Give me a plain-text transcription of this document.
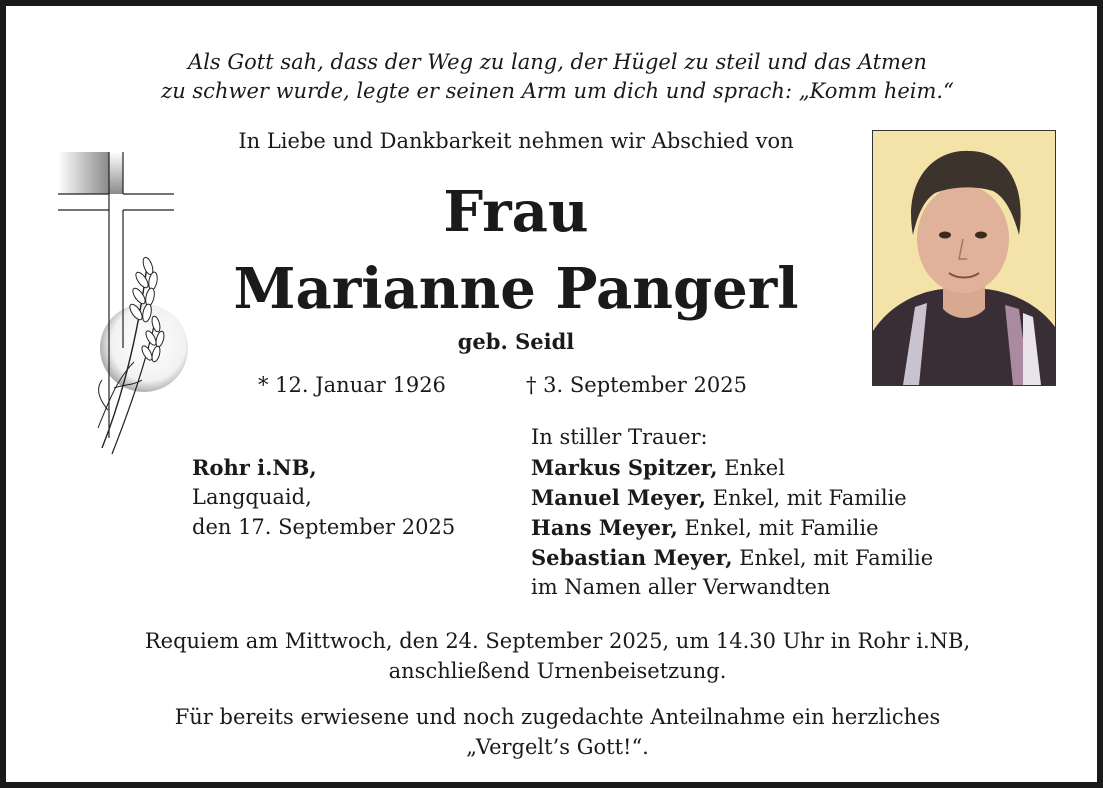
Als Gott sah, dass der Weg zu lang, der Hügel zu steil und das Atmen
zu schwer wurde, legte er seinen Arm um dich und sprach: „Komm heim.“
In Liebe und Dankbarkeit nehmen wir Abschied von
Frau
Marianne Pangerl
geb. Seidl
* 12. Januar 1926	† 3. September 2025
Rohr i.NB,
Langquaid,
den 17. September 2025
In stiller Trauer:
Markus Spitzer, Enkel
Manuel Meyer, Enkel, mit Familie
Hans Meyer, Enkel, mit Familie
Sebastian Meyer, Enkel, mit Familie
im Namen aller Verwandten
Requiem am Mittwoch, den 24. September 2025, um 14.30 Uhr in Rohr i.NB,
anschließend Urnenbeisetzung.
Für bereits erwiesene und noch zugedachte Anteilnahme ein herzliches
„Vergelt’s Gott!“.
